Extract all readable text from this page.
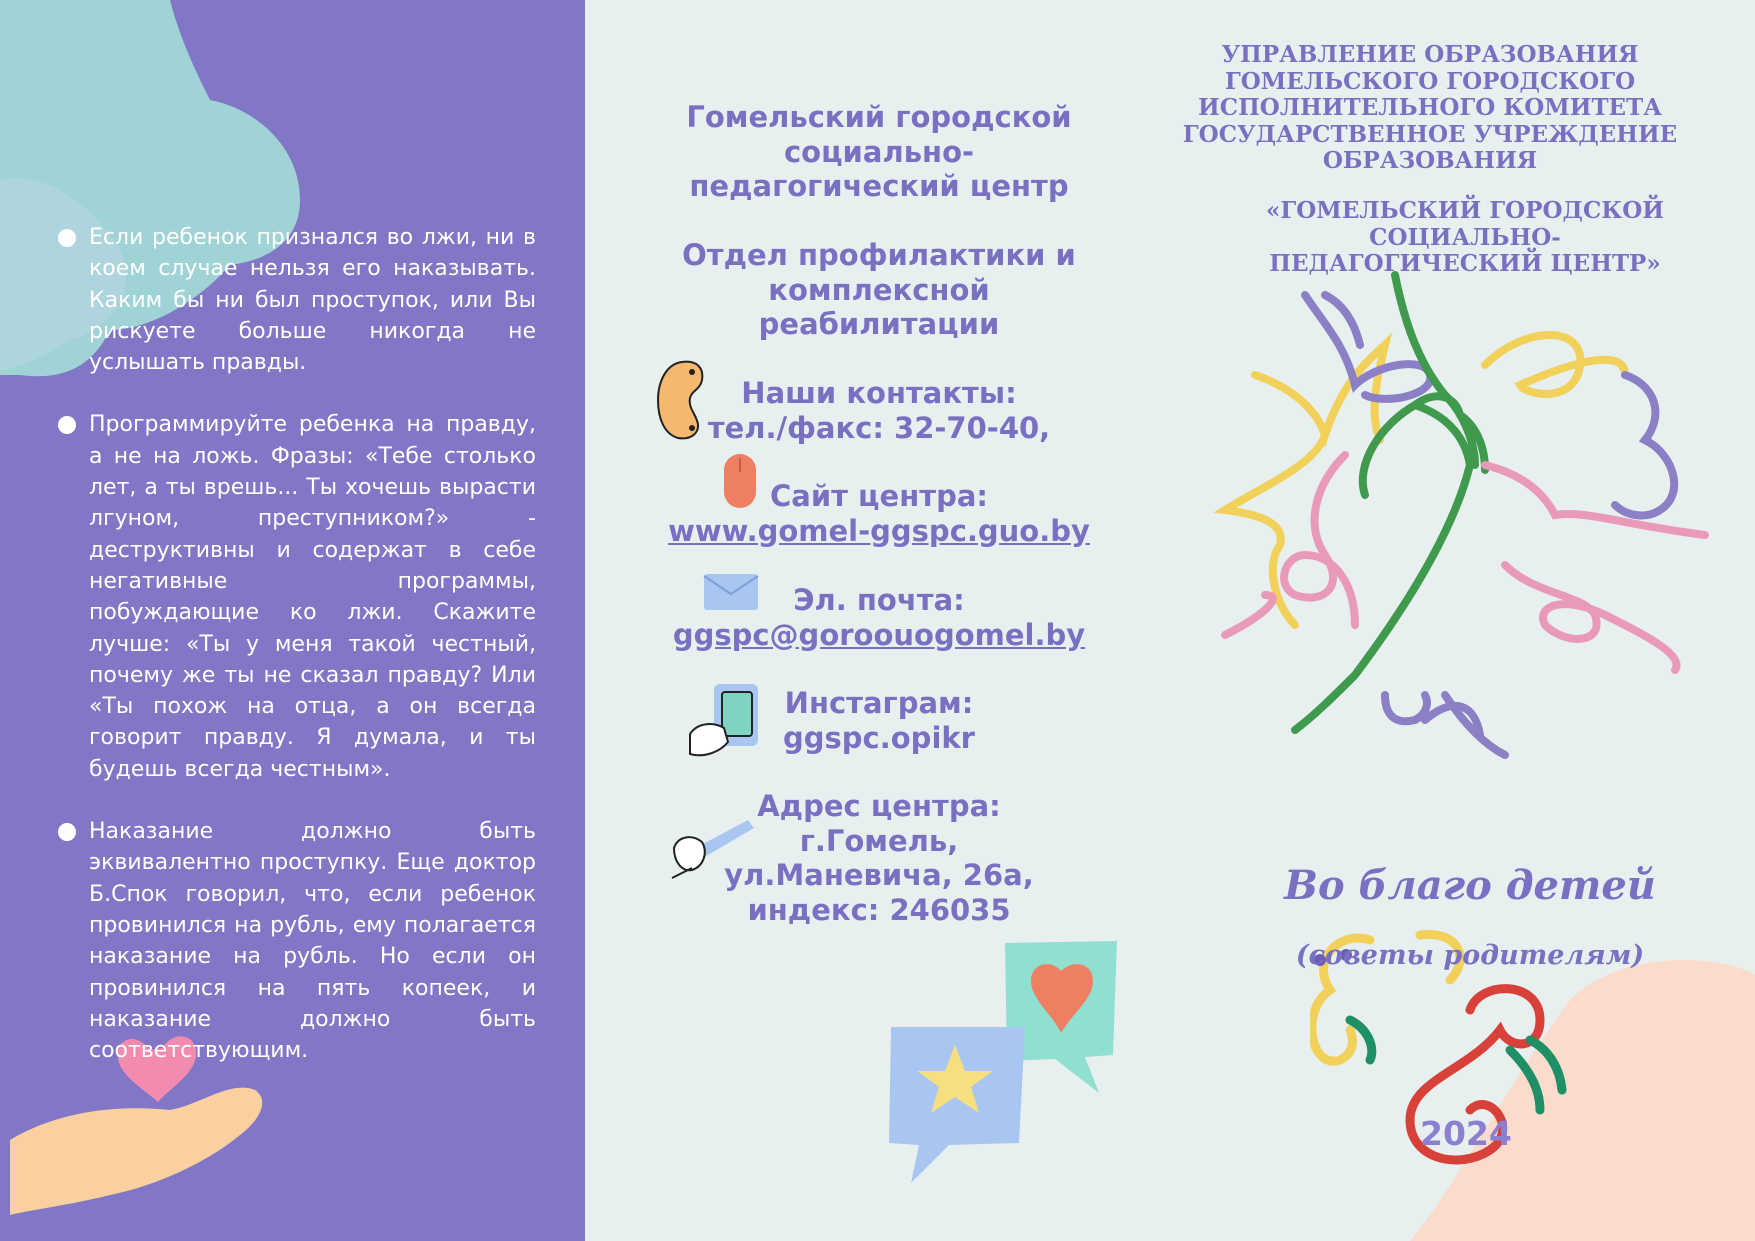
Если ребенок признался во лжи, ни в коем случае нельзя его наказывать. Каким бы ни был проступок, или Вы рискуете больше никогда не услышать правды.
Программируйте ребенка на правду, а не на ложь. Фразы: «Тебе столько лет, а ты врешь... Ты хочешь вырасти лгуном, преступником?» - деструктивны и содержат в себе негативные программы, побуждающие ко лжи. Скажите лучше: «Ты у меня такой честный, почему же ты не сказал правду? Или «Ты похож на отца, а он всегда говорит правду. Я думала, и ты будешь всегда честным».
Наказание должно быть эквивалентно проступку. Еще доктор Б.Спок говорил, что, если ребенок провинился на рубль, ему полагается наказание на рубль. Но если он провинился на пять копеек, и наказание должно быть соответствующим.
Гомельский городской
социально-
педагогический центр
Отдел профилактики и
комплексной
реабилитации
Наши контакты:
тел./факс: 32-70-40,
Сайт центра:
www.gomel-ggspc.guo.by
Эл. почта:
ggspc@goroouogomel.by
Инстаграм:
ggspc.opikr
Адрес центра:
г.Гомель,
ул.Маневича, 26а,
индекс: 246035
УПРАВЛЕНИЕ ОБРАЗОВАНИЯ
ГОМЕЛЬСКОГО ГОРОДСКОГО
ИСПОЛНИТЕЛЬНОГО КОМИТЕТА
ГОСУДАРСТВЕННОЕ УЧРЕЖДЕНИЕ
ОБРАЗОВАНИЯ
«ГОМЕЛЬСКИЙ ГОРОДСКОЙ СОЦИАЛЬНО-
ПЕДАГОГИЧЕСКИЙ ЦЕНТР»
Во благо детей
(советы родителям)
2024
